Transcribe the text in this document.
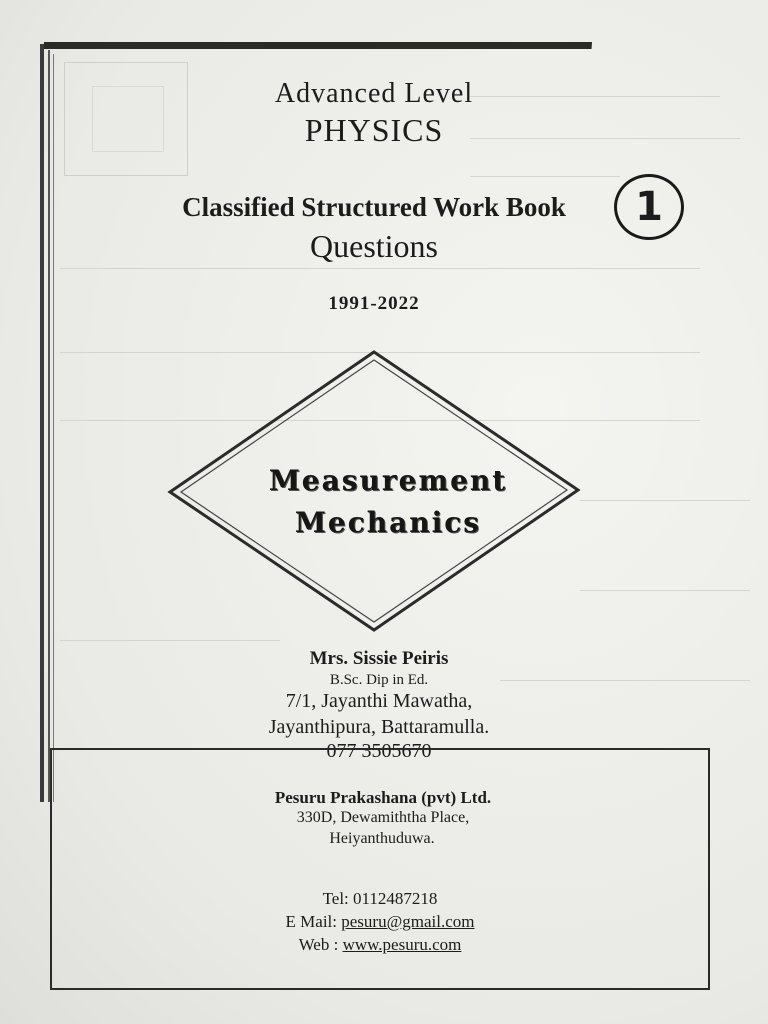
Advanced Level
PHYSICS
Classified Structured Work Book
Questions
1991-2022
1
Measurement
Mechanics
Mrs. Sissie Peiris
B.Sc. Dip in Ed.
7/1, Jayanthi Mawatha,
Jayanthipura, Battaramulla.
077 3505670
Pesuru Prakashana (pvt) Ltd.
330D, Dewamiththa Place,
Heiyanthuduwa.
Tel: 0112487218
E Mail: pesuru@gmail.com
Web : www.pesuru.com
